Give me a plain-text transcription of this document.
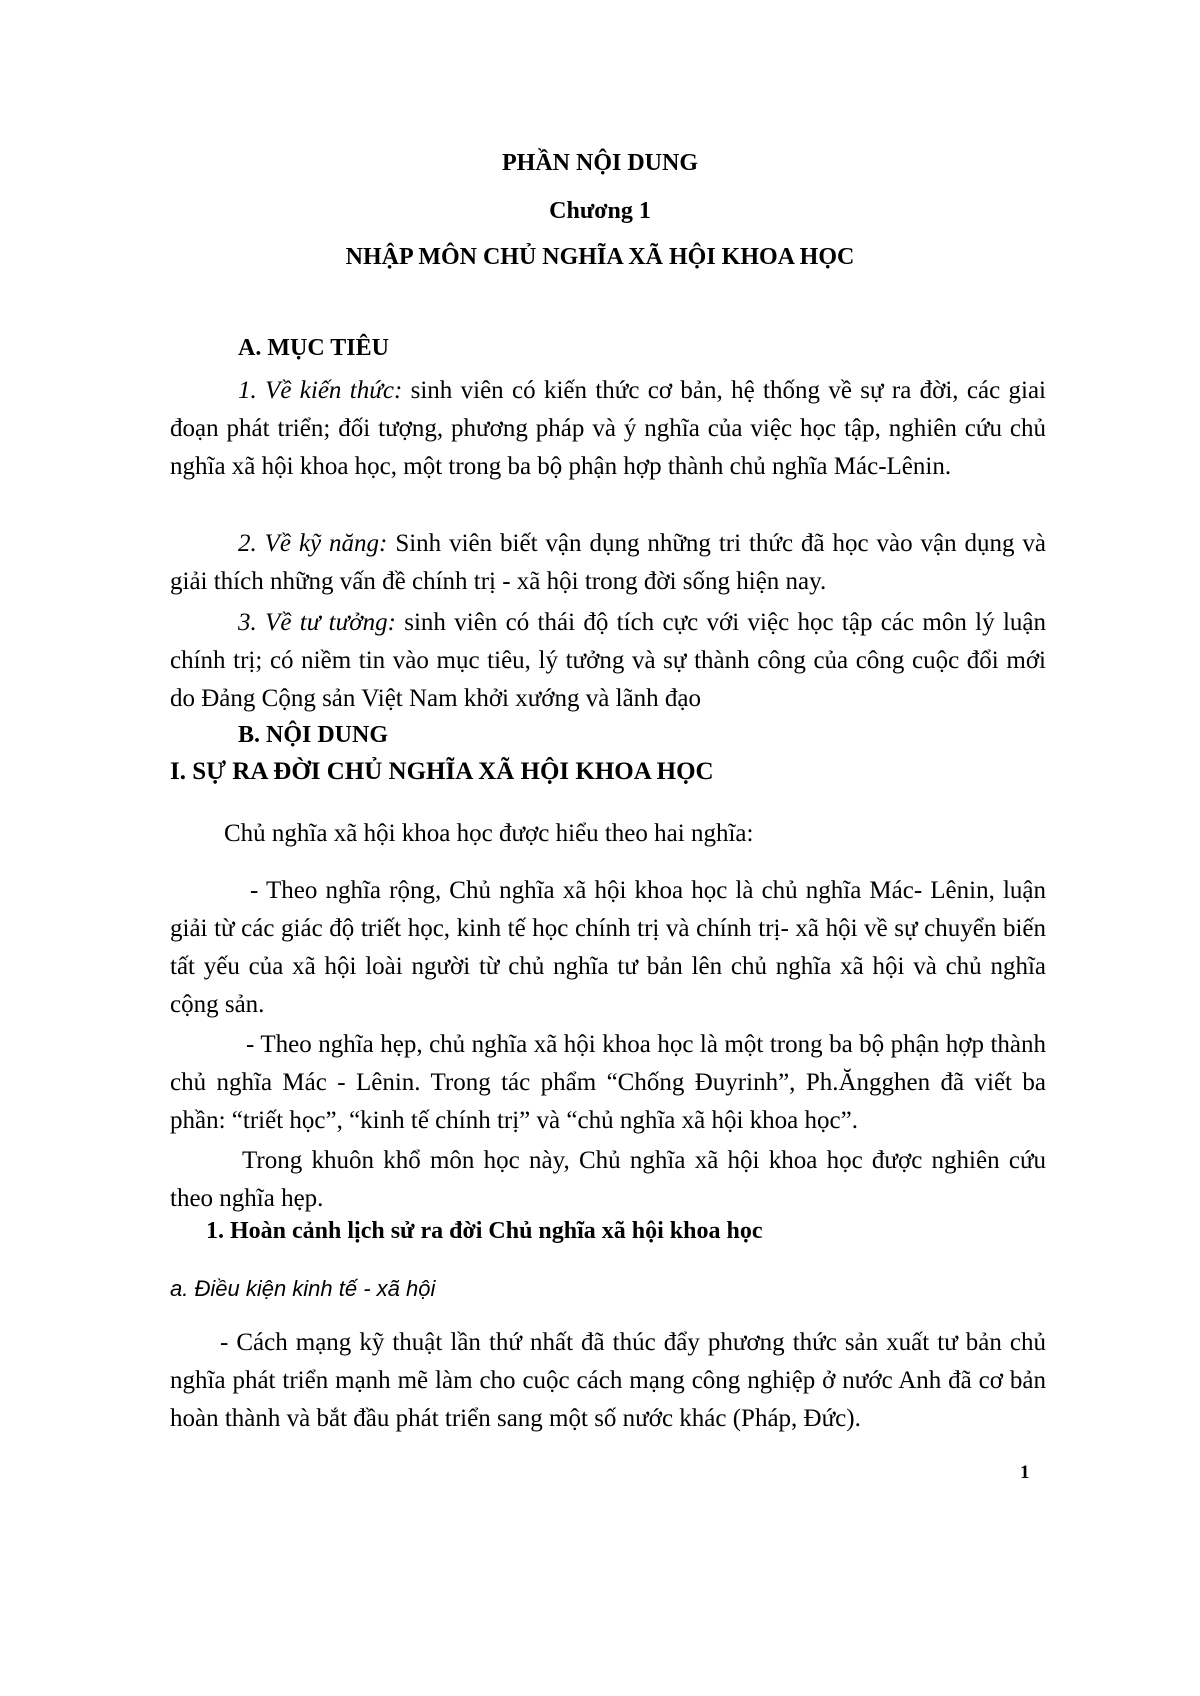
PHẦN NỘI DUNG
Chương 1
NHẬP MÔN CHỦ NGHĨA XÃ HỘI KHOA HỌC
A. MỤC TIÊU
1. Về kiến thức: sinh viên có kiến thức cơ bản, hệ thống về sự ra đời, các giai đoạn phát triển; đối tượng, phương pháp và ý nghĩa của việc học tập, nghiên cứu chủ nghĩa xã hội khoa học, một trong ba bộ phận hợp thành chủ nghĩa Mác-Lênin.
2. Về kỹ năng: Sinh viên biết vận dụng những tri thức đã học vào vận dụng và giải thích những vấn đề chính trị - xã hội trong đời sống hiện nay.
3. Về tư tưởng: sinh viên có thái độ tích cực với việc học tập các môn lý luận chính trị; có niềm tin vào mục tiêu, lý tưởng và sự thành công của công cuộc đổi mới do Đảng Cộng sản Việt Nam khởi xướng và lãnh đạo
B. NỘI DUNG
I. SỰ RA ĐỜI CHỦ NGHĨA XÃ HỘI KHOA HỌC
Chủ nghĩa xã hội khoa học được hiểu theo hai nghĩa:
- Theo nghĩa rộng, Chủ nghĩa xã hội khoa học là chủ nghĩa Mác- Lênin, luận giải từ các giác độ triết học, kinh tế học chính trị và chính trị- xã hội về sự chuyển biến tất yếu của xã hội loài người từ chủ nghĩa tư bản lên chủ nghĩa xã hội và chủ nghĩa cộng sản.
- Theo nghĩa hẹp, chủ nghĩa xã hội khoa học là một trong ba bộ phận hợp thành chủ nghĩa Mác - Lênin. Trong tác phẩm “Chống Đuyrinh”, Ph.Ăngghen đã viết ba phần: “triết học”, “kinh tế chính trị” và “chủ nghĩa xã hội khoa học”.
Trong khuôn khổ môn học này, Chủ nghĩa xã hội khoa học được nghiên cứu theo nghĩa hẹp.
1. Hoàn cảnh lịch sử ra đời Chủ nghĩa xã hội khoa học
a. Điều kiện kinh tế - xã hội
- Cách mạng kỹ thuật lần thứ nhất đã thúc đẩy phương thức sản xuất tư bản chủ nghĩa phát triển mạnh mẽ làm cho cuộc cách mạng công nghiệp ở nước Anh đã cơ bản hoàn thành và bắt đầu phát triển sang một số nước khác (Pháp, Đức).
1
